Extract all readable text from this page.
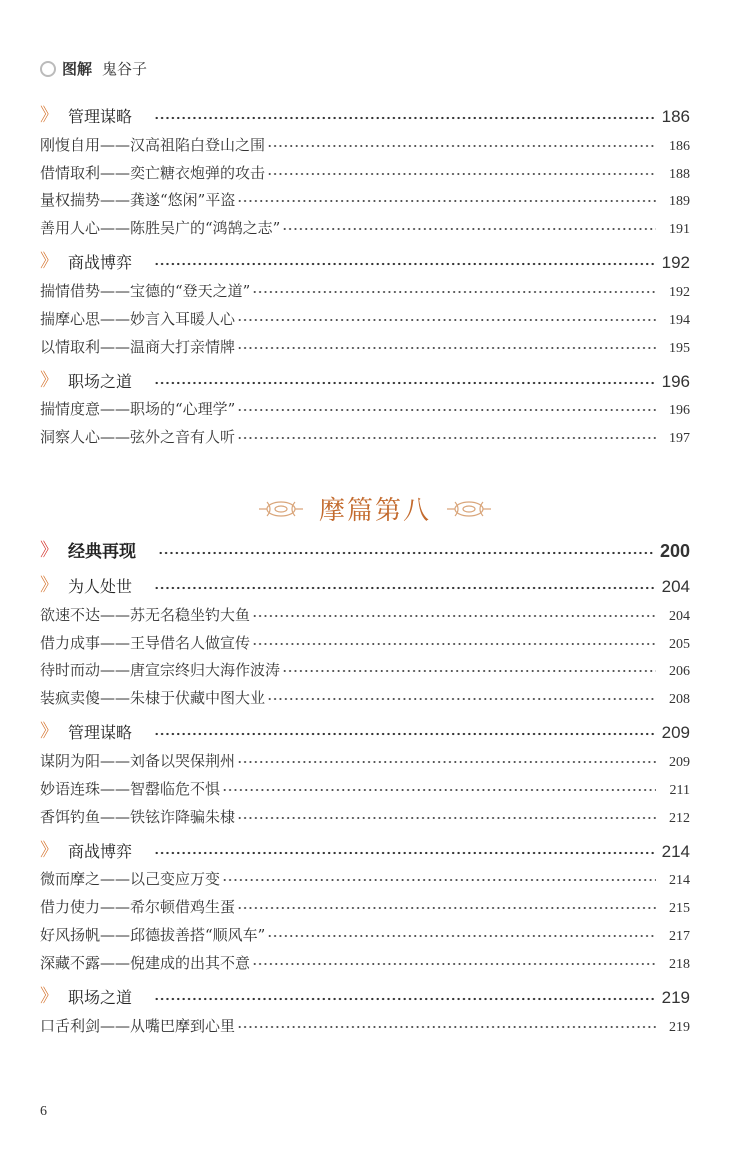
图解 鬼谷子
》 管理谋略	186
刚愎自用——汉高祖陷白登山之围	186
借情取利——奕亡糖衣炮弹的攻击	188
量权揣势——龚遂“悠闲”平盗	189
善用人心——陈胜吴广的“鸿鹄之志”	191
》 商战博弈	192
揣情借势——宝德的“登天之道”	192
揣摩心思——妙言入耳暖人心	194
以情取利——温商大打亲情牌	195
》 职场之道	196
揣情度意——职场的“心理学”	196
洞察人心——弦外之音有人听	197
摩篇第八
》 经典再现	200
》 为人处世	204
欲速不达——苏无名稳坐钓大鱼	204
借力成事——王导借名人做宣传	205
待时而动——唐宣宗终归大海作波涛	206
装疯卖傻——朱棣于伏藏中图大业	208
》 管理谋略	209
谋阴为阳——刘备以哭保荆州	209
妙语连珠——智罄临危不惧	211
香饵钓鱼——铁铉诈降骗朱棣	212
》 商战博弈	214
微而摩之——以己变应万变	214
借力使力——希尔顿借鸡生蛋	215
好风扬帆——邱德拔善搭“顺风车”	217
深藏不露——倪建成的出其不意	218
》 职场之道	219
口舌利剑——从嘴巴摩到心里	219
6
